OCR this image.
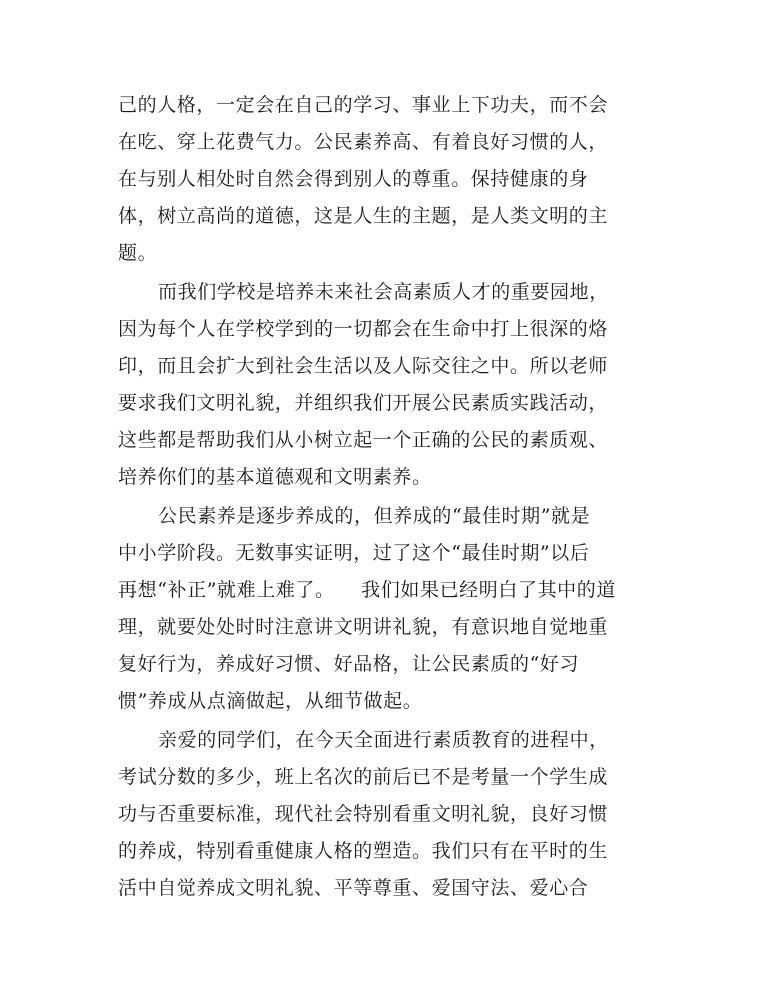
己的人格，一定会在自己的学习、事业上下功夫，而不会
在吃、穿上花费气力。公民素养高、有着良好习惯的人，
在与别人相处时自然会得到别人的尊重。保持健康的身
体，树立高尚的道德，这是人生的主题，是人类文明的主
题。
而我们学校是培养未来社会高素质人才的重要园地，
因为每个人在学校学到的一切都会在生命中打上很深的烙
印，而且会扩大到社会生活以及人际交往之中。所以老师
要求我们文明礼貌，并组织我们开展公民素质实践活动，
这些都是帮助我们从小树立起一个正确的公民的素质观、
培养你们的基本道德观和文明素养。
公民素养是逐步养成的，但养成的“最佳时期”就是
中小学阶段。无数事实证明，过了这个“最佳时期”以后
再想“补正”就难上难了。    我们如果已经明白了其中的道
理，就要处处时时注意讲文明讲礼貌，有意识地自觉地重
复好行为，养成好习惯、好品格，让公民素质的“好习
惯”养成从点滴做起，从细节做起。
亲爱的同学们，在今天全面进行素质教育的进程中，
考试分数的多少，班上名次的前后已不是考量一个学生成
功与否重要标准，现代社会特别看重文明礼貌，良好习惯
的养成，特别看重健康人格的塑造。我们只有在平时的生
活中自觉养成文明礼貌、平等尊重、爱国守法、爱心合
